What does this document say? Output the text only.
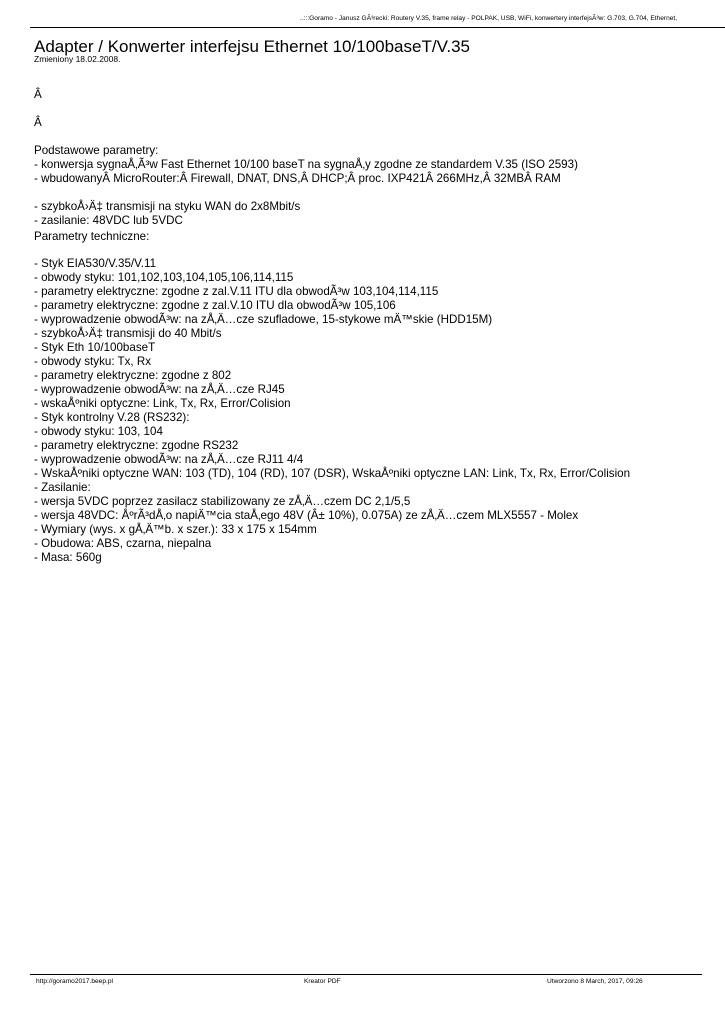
..:::Goramo - Janusz GÃ³recki: Routery V.35, frame relay - POLPAK, USB, WiFi, konwertery interfejsÃ³w: G.703, G.704, Ethernet,
Adapter / Konwerter interfejsu Ethernet 10/100baseT/V.35
Zmieniony 18.02.2008.
Â
Â
Podstawowe parametry:
- konwersja sygnaÅ‚Ã³w Fast Ethernet 10/100 baseT na sygnaÅ‚y zgodne ze standardem V.35 (ISO 2593)
- wbudowanyÂ MicroRouter:Â Firewall, DNAT, DNS,Â DHCP;Â proc. IXP421Â 266MHz,Â 32MBÂ RAM
- szybkoÅ›Ä‡ transmisji na styku WAN do 2x8Mbit/s
- zasilanie: 48VDC lub 5VDC
Parametry techniczne:
- Styk EIA530/V.35/V.11
- obwody styku: 101,102,103,104,105,106,114,115
- parametry elektryczne: zgodne z zal.V.11 ITU dla obwodÃ³w 103,104,114,115
- parametry elektryczne: zgodne z zal.V.10 ITU dla obwodÃ³w 105,106
- wyprowadzenie obwodÃ³w: na zÅ‚Ä…cze szufladowe, 15-stykowe mÄ™skie (HDD15M)
- szybkoÅ›Ä‡ transmisji do 40 Mbit/s
- Styk Eth 10/100baseT
- obwody styku: Tx, Rx
- parametry elektryczne: zgodne z 802
- wyprowadzenie obwodÃ³w: na zÅ‚Ä…cze RJ45
- wskaÅºniki optyczne: Link, Tx, Rx, Error/Colision
- Styk kontrolny V.28 (RS232):
- obwody styku: 103, 104
- parametry elektryczne: zgodne RS232
- wyprowadzenie obwodÃ³w: na zÅ‚Ä…cze RJ11 4/4
- WskaÅºniki optyczne WAN: 103 (TD), 104 (RD), 107 (DSR), WskaÅºniki optyczne LAN: Link, Tx, Rx, Error/Colision
- Zasilanie:
- wersja 5VDC poprzez zasilacz stabilizowany ze zÅ‚Ä…czem DC 2,1/5,5
- wersja 48VDC: ÅºrÃ³dÅ‚o napiÄ™cia staÅ‚ego 48V (Â± 10%), 0.075A) ze zÅ‚Ä…czem MLX5557 - Molex
- Wymiary (wys. x gÅ‚Ä™b. x szer.): 33 x 175 x 154mm
- Obudowa: ABS, czarna, niepalna
- Masa: 560g
http://goramo2017.beep.pl	Kreator PDF	Utworzono 8 March, 2017, 09:26
